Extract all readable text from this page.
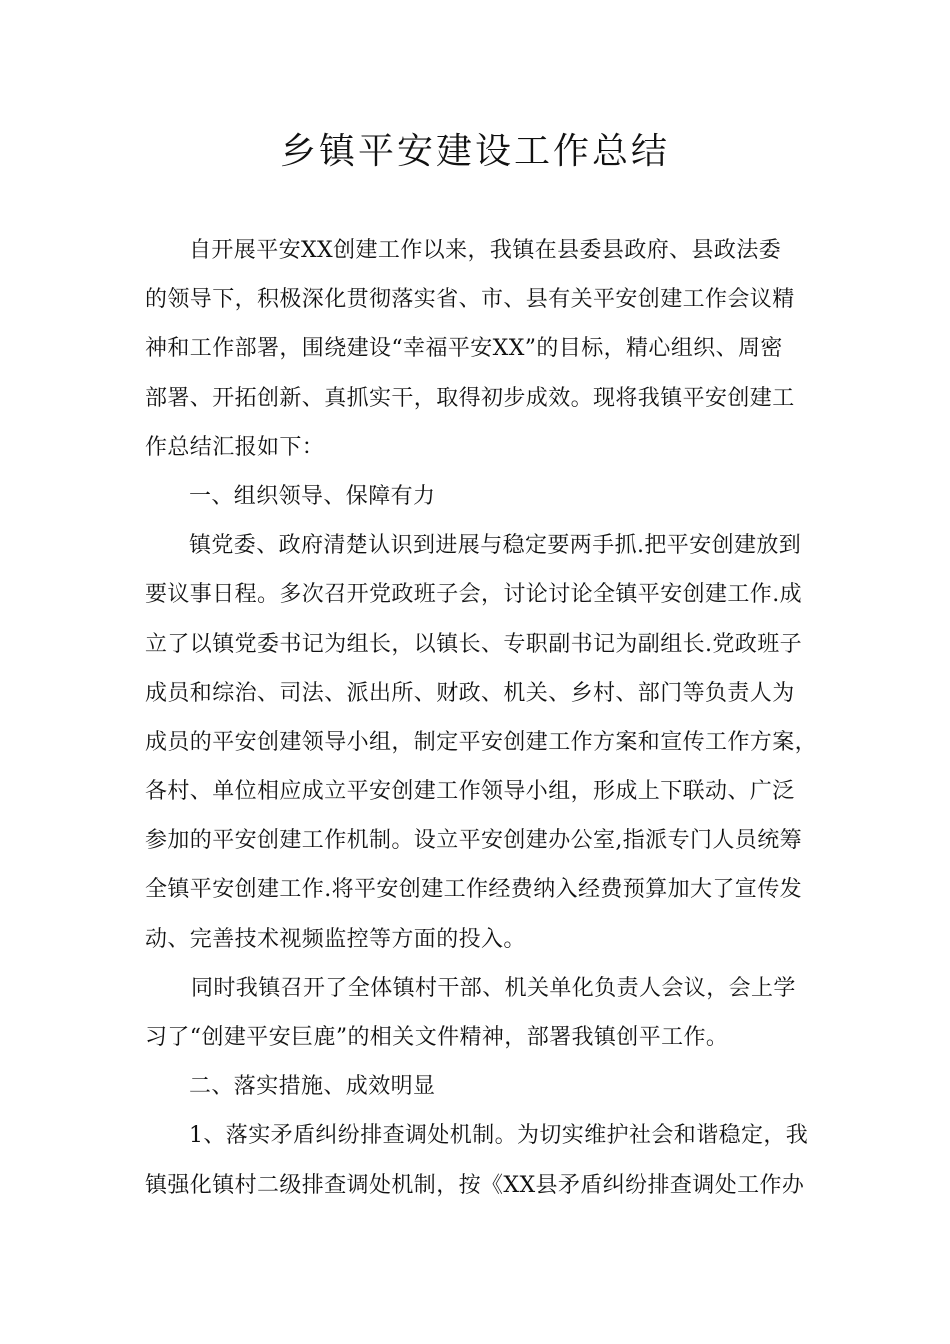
乡镇平安建设工作总结
自开展平安XX创建工作以来，我镇在县委县政府、县政法委
的领导下，积极深化贯彻落实省、市、县有关平安创建工作会议精
神和工作部署，围绕建设“幸福平安XX”的目标，精心组织、周密
部署、开拓创新、真抓实干，取得初步成效。现将我镇平安创建工
作总结汇报如下：
一、组织领导、保障有力
镇党委、政府清楚认识到进展与稳定要两手抓.把平安创建放到
要议事日程。多次召开党政班子会，讨论讨论全镇平安创建工作.成
立了以镇党委书记为组长，以镇长、专职副书记为副组长.党政班子
成员和综治、司法、派出所、财政、机关、乡村、部门等负责人为
成员的平安创建领导小组，制定平安创建工作方案和宣传工作方案，
各村、单位相应成立平安创建工作领导小组，形成上下联动、广泛
参加的平安创建工作机制。设立平安创建办公室,指派专门人员统筹
全镇平安创建工作.将平安创建工作经费纳入经费预算加大了宣传发
动、完善技术视频监控等方面的投入。
同时我镇召开了全体镇村干部、机关单化负责人会议，会上学
习了“创建平安巨鹿”的相关文件精神，部署我镇创平工作。
二、落实措施、成效明显
1、落实矛盾纠纷排查调处机制。为切实维护社会和谐稳定，我
镇强化镇村二级排查调处机制，按《XX县矛盾纠纷排查调处工作办
